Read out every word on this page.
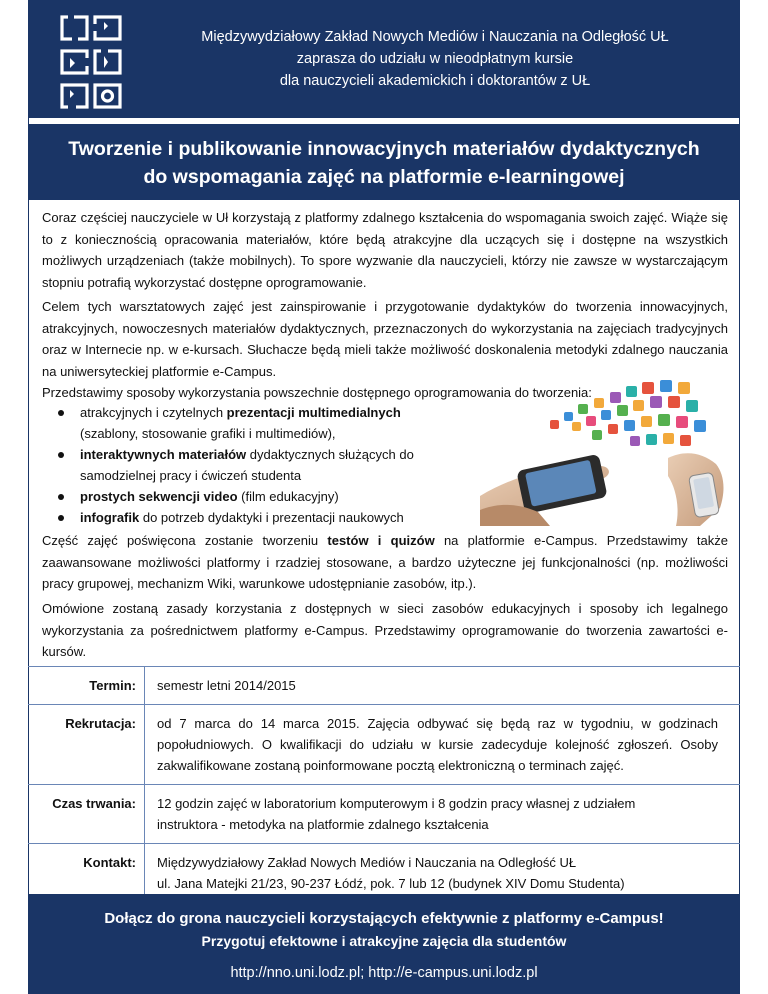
Międzywydziałowy Zakład Nowych Mediów i Nauczania na Odległość UŁ
zaprasza do udziału w nieodpłatnym kursie
dla nauczycieli akademickich i doktorantów z UŁ
Tworzenie i publikowanie innowacyjnych materiałów dydaktycznych
do wspomagania zajęć na platformie e-learningowej

Coraz częściej nauczyciele w Uł korzystają z platformy zdalnego kształcenia do wspomagania swoich zajęć. Wiąże się to z koniecznością opracowania materiałów, które będą atrakcyjne dla uczących się i dostępne na wszystkich możliwych urządzeniach (także mobilnych). To spore wyzwanie dla nauczycieli, którzy nie zawsze w wystarczającym stopniu potrafią wykorzystać dostępne oprogramowanie.

Celem tych warsztatowych zajęć jest zainspirowanie i przygotowanie dydaktyków do tworzenia innowacyjnych, atrakcyjnych, nowoczesnych materiałów dydaktycznych, przeznaczonych do wykorzystania na zajęciach tradycyjnych oraz w Internecie np. w e-kursach. Słuchacze będą mieli także możliwość doskonalenia metodyki zdalnego nauczania na uniwersyteckiej platformie e-Campus.

Przedstawimy sposoby wykorzystania powszechnie dostępnego oprogramowania do tworzenia:

atrakcyjnych i czytelnych prezentacji multimedialnych
(szablony, stosowanie grafiki i multimediów),
interaktywnych materiałów dydaktycznych służących do
samodzielnej pracy i ćwiczeń studenta
prostych sekwencji video (film edukacyjny)
infografik do potrzeb dydaktyki i prezentacji naukowych

Część zajęć poświęcona zostanie tworzeniu testów i quizów na platformie e-Campus. Przedstawimy także zaawansowane możliwości platformy i rzadziej stosowane, a bardzo użyteczne jej funkcjonalności (np. możliwości pracy grupowej, mechanizm Wiki, warunkowe udostępnianie zasobów, itp.).

Omówione zostaną zasady korzystania z dostępnych w sieci zasobów edukacyjnych i sposoby ich legalnego wykorzystania za pośrednictwem platformy e-Campus. Przedstawimy oprogramowanie do tworzenia zawartości e-kursów.

Termin:	semestr letni 2014/2015
Rekrutacja:	od 7 marca do 14 marca 2015. Zajęcia odbywać się będą raz w tygodniu, w godzinach popołudniowych. O kwalifikacji do udziału w kursie zadecyduje kolejność zgłoszeń. Osoby zakwalifikowane zostaną poinformowane pocztą elektroniczną o terminach zajęć.
Czas trwania:	12 godzin zajęć w laboratorium komputerowym i 8 godzin pracy własnej z udziałem
instruktora - metodyka na platformie zdalnego kształcenia

Kontakt:	Międzywydziałowy Zakład Nowych Mediów i Nauczania na Odległość UŁ
ul. Jana Matejki 21/23, 90-237 Łódź, pok. 7 lub 12 (budynek XIV Domu Studenta)
Dołącz do grona nauczycieli korzystających efektywnie z platformy e-Campus!
Przygotuj efektowne i atrakcyjne zajęcia dla studentów
http://nno.uni.lodz.pl; http://e-campus.uni.lodz.pl
